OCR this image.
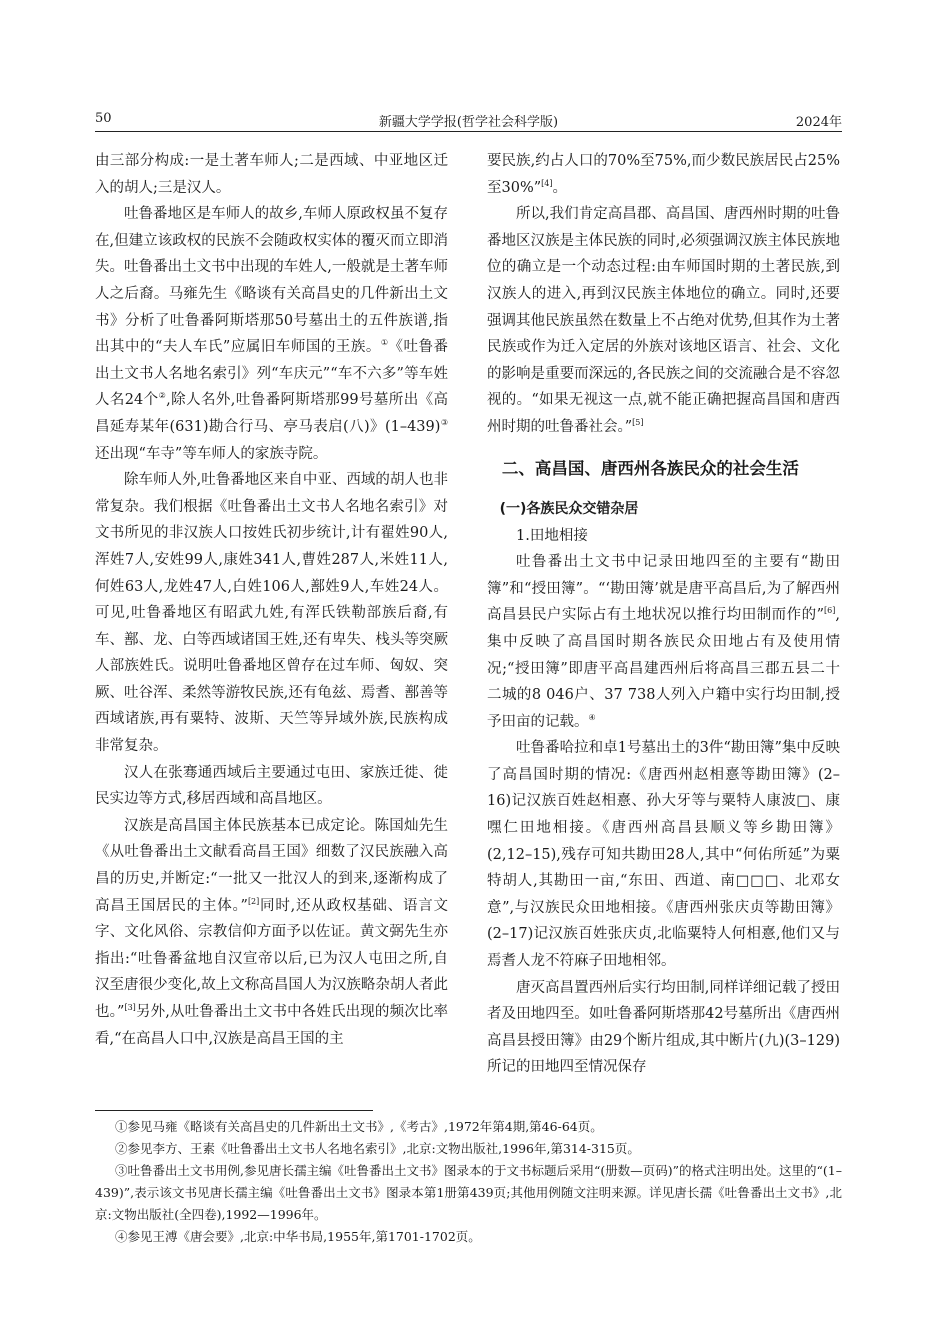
50	新疆大学学报(哲学社会科学版)	2024年

由三部分构成:一是土著车师人;二是西域、中亚地区迁入的胡人;三是汉人。

吐鲁番地区是车师人的故乡,车师人原政权虽不复存在,但建立该政权的民族不会随政权实体的覆灭而立即消失。吐鲁番出土文书中出现的车姓人,一般就是土著车师人之后裔。马雍先生《略谈有关高昌史的几件新出土文书》分析了吐鲁番阿斯塔那50号墓出土的五件族谱,指出其中的“夫人车氏”应属旧车师国的王族。①《吐鲁番出土文书人名地名索引》列“车庆元”“车不六多”等车姓人名24个②,除人名外,吐鲁番阿斯塔那99号墓所出《高昌延寿某年(631)勘合行马、亭马表启(八)》(1–439)③还出现“车寺”等车师人的家族寺院。

除车师人外,吐鲁番地区来自中亚、西域的胡人也非常复杂。我们根据《吐鲁番出土文书人名地名索引》对文书所见的非汉族人口按姓氏初步统计,计有翟姓90人,浑姓7人,安姓99人,康姓341人,曹姓287人,米姓11人,何姓63人,龙姓47人,白姓106人,鄯姓9人,车姓24人。可见,吐鲁番地区有昭武九姓,有浑氏铁勒部族后裔,有车、鄯、龙、白等西域诸国王姓,还有卑失、栈头等突厥人部族姓氏。说明吐鲁番地区曾存在过车师、匈奴、突厥、吐谷浑、柔然等游牧民族,还有龟兹、焉耆、鄯善等西域诸族,再有粟特、波斯、天竺等异域外族,民族构成非常复杂。

汉人在张骞通西域后主要通过屯田、家族迁徙、徙民实边等方式,移居西域和高昌地区。

汉族是高昌国主体民族基本已成定论。陈国灿先生《从吐鲁番出土文献看高昌王国》细数了汉民族融入高昌的历史,并断定:“一批又一批汉人的到来,逐渐构成了高昌王国居民的主体。”[2]同时,还从政权基础、语言文字、文化风俗、宗教信仰方面予以佐证。黄文弼先生亦指出:“吐鲁番盆地自汉宣帝以后,已为汉人屯田之所,自汉至唐很少变化,故上文称高昌国人为汉族略杂胡人者此也。”[3]另外,从吐鲁番出土文书中各姓氏出现的频次比率看,“在高昌人口中,汉族是高昌王国的主

要民族,约占人口的70%至75%,而少数民族居民占25%至30%”[4]。

所以,我们肯定高昌郡、高昌国、唐西州时期的吐鲁番地区汉族是主体民族的同时,必须强调汉族主体民族地位的确立是一个动态过程:由车师国时期的土著民族,到汉族人的进入,再到汉民族主体地位的确立。同时,还要强调其他民族虽然在数量上不占绝对优势,但其作为土著民族或作为迁入定居的外族对该地区语言、社会、文化的影响是重要而深远的,各民族之间的交流融合是不容忽视的。“如果无视这一点,就不能正确把握高昌国和唐西州时期的吐鲁番社会。”[5]

二、高昌国、唐西州各族民众的社会生活
(一)各族民众交错杂居

1.田地相接

吐鲁番出土文书中记录田地四至的主要有“勘田簿”和“授田簿”。“‘勘田簿’就是唐平高昌后,为了解西州高昌县民户实际占有土地状况以推行均田制而作的”[6],集中反映了高昌国时期各族民众田地占有及使用情况;“授田簿”即唐平高昌建西州后将高昌三郡五县二十二城的8 046户、37 738人列入户籍中实行均田制,授予田亩的记载。④

吐鲁番哈拉和卓1号墓出土的3件“勘田簿”集中反映了高昌国时期的情况:《唐西州赵相憙等勘田簿》(2–16)记汉族百姓赵相憙、孙大牙等与粟特人康波□、康嘿仁田地相接。《唐西州高昌县顺义等乡勘田簿》(2,12–15),残存可知共勘田28人,其中“何佑所延”为粟特胡人,其勘田一亩,“东田、西道、南□□□、北邓女意”,与汉族民众田地相接。《唐西州张庆贞等勘田簿》(2–17)记汉族百姓张庆贞,北临粟特人何相憙,他们又与焉耆人龙不符麻子田地相邻。

唐灭高昌置西州后实行均田制,同样详细记载了授田者及田地四至。如吐鲁番阿斯塔那42号墓所出《唐西州高昌县授田簿》由29个断片组成,其中断片(九)(3–129)所记的田地四至情况保存

①参见马雍《略谈有关高昌史的几件新出土文书》,《考古》,1972年第4期,第46-64页。

②参见李方、王素《吐鲁番出土文书人名地名索引》,北京:文物出版社,1996年,第314-315页。

③吐鲁番出土文书用例,参见唐长孺主编《吐鲁番出土文书》图录本的于文书标题后采用“(册数—页码)”的格式注明出处。这里的“(1–439)”,表示该文书见唐长孺主编《吐鲁番出土文书》图录本第1册第439页;其他用例随文注明来源。详见唐长孺《吐鲁番出土文书》,北京:文物出版社(全四卷),1992—1996年。

④参见王溥《唐会要》,北京:中华书局,1955年,第1701-1702页。
